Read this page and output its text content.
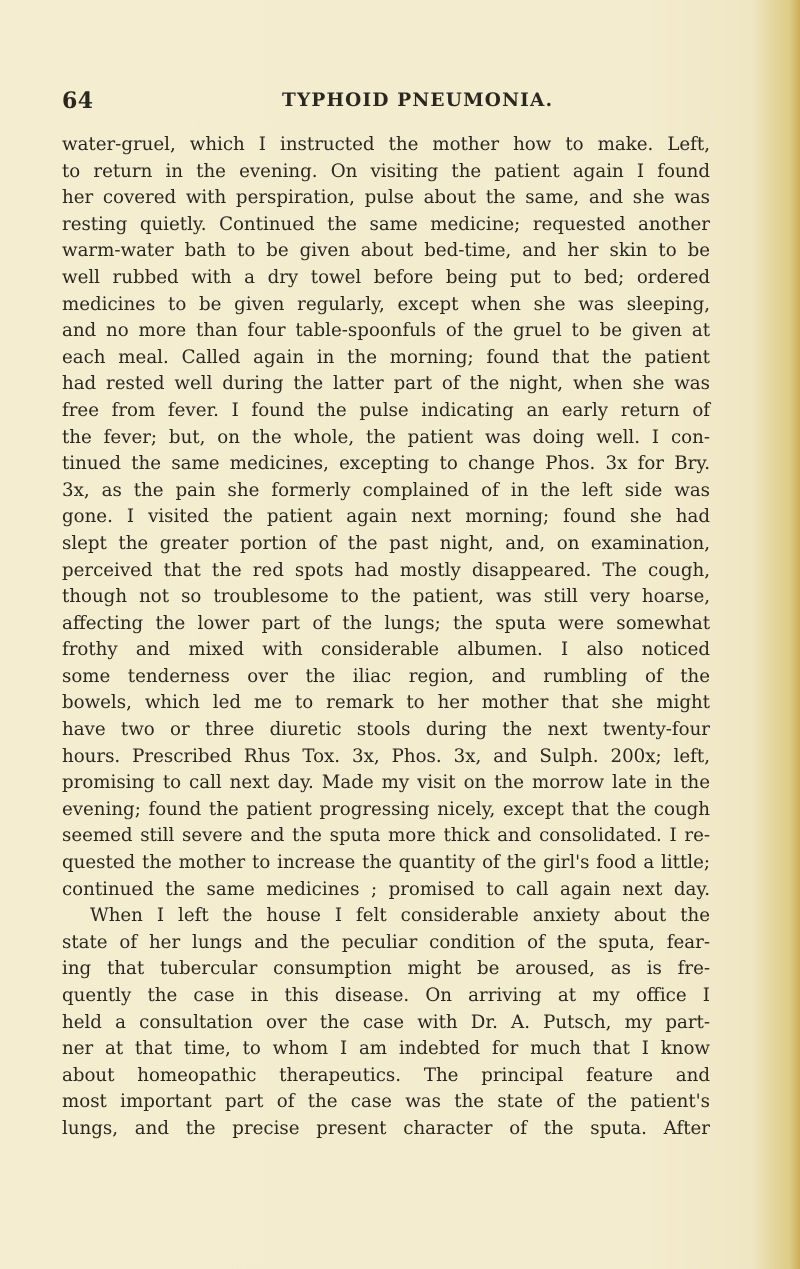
64	TYPHOID PNEUMONIA.
water-gruel, which I instructed the mother how to make. Left,
to return in the evening. On visiting the patient again I found
her covered with perspiration, pulse about the same, and she was
resting quietly. Continued the same medicine; requested another
warm-water bath to be given about bed-time, and her skin to be
well rubbed with a dry towel before being put to bed; ordered
medicines to be given regularly, except when she was sleeping,
and no more than four table-spoonfuls of the gruel to be given at
each meal. Called again in the morning; found that the patient
had rested well during the latter part of the night, when she was
free from fever. I found the pulse indicating an early return of
the fever; but, on the whole, the patient was doing well. I con-
tinued the same medicines, excepting to change Phos. 3x for Bry.
3x, as the pain she formerly complained of in the left side was
gone. I visited the patient again next morning; found she had
slept the greater portion of the past night, and, on examination,
perceived that the red spots had mostly disappeared. The cough,
though not so troublesome to the patient, was still very hoarse,
affecting the lower part of the lungs; the sputa were somewhat
frothy and mixed with considerable albumen. I also noticed
some tenderness over the iliac region, and rumbling of the
bowels, which led me to remark to her mother that she might
have two or three diuretic stools during the next twenty-four
hours. Prescribed Rhus Tox. 3x, Phos. 3x, and Sulph. 200x; left,
promising to call next day. Made my visit on the morrow late in the
evening; found the patient progressing nicely, except that the cough
seemed still severe and the sputa more thick and consolidated. I re-
quested the mother to increase the quantity of the girl's food a little;
continued the same medicines ; promised to call again next day.
When I left the house I felt considerable anxiety about the
state of her lungs and the peculiar condition of the sputa, fear-
ing that tubercular consumption might be aroused, as is fre-
quently the case in this disease. On arriving at my office I
held a consultation over the case with Dr. A. Putsch, my part-
ner at that time, to whom I am indebted for much that I know
about homeopathic therapeutics. The principal feature and
most important part of the case was the state of the patient's
lungs, and the precise present character of the sputa. After
